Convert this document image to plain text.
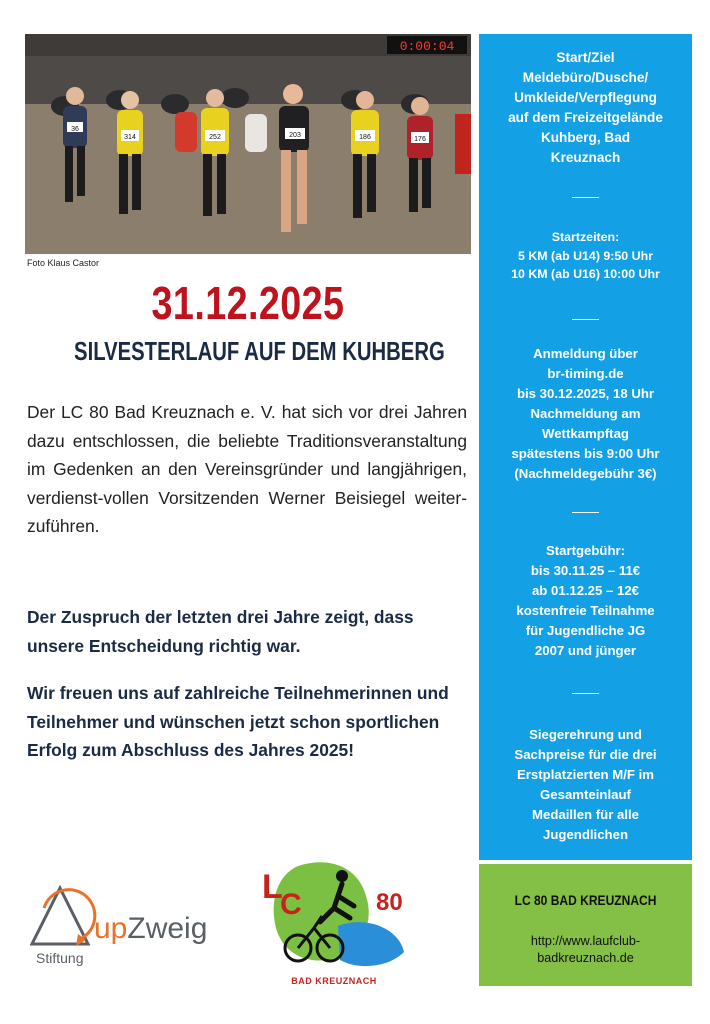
0:00:04
36
314	252	203	186	176
Foto Klaus Castor
31.12.2025
SILVESTERLAUF AUF DEM KUHBERG
Der LC 80 Bad Kreuznach e. V. hat sich vor drei Jahren dazu entschlossen, die beliebte Traditionsveranstaltung im Gedenken an den Vereinsgründer und langjährigen, verdienst-vollen Vorsitzenden Werner Beisiegel weiter-zuführen.
Der Zuspruch der letzten drei Jahre zeigt, dass unsere Entscheidung richtig war.
Wir freuen uns auf zahlreiche Teilnehmerinnen und Teilnehmer und wünschen jetzt schon sportlichen Erfolg zum Abschluss des Jahres 2025!
Start/Ziel
Meldebüro/Dusche/
Umkleide/Verpflegung
auf dem Freizeitgelände
Kuhberg, Bad
Kreuznach
Startzeiten:
5 KM (ab U14) 9:50 Uhr
10 KM (ab U16) 10:00 Uhr
Anmeldung über
br-timing.de
bis 30.12.2025, 18 Uhr
Nachmeldung am
Wettkampftag
spätestens bis 9:00 Uhr
(Nachmeldegebühr 3€)
Startgebühr:
bis 30.11.25 – 11€
ab 01.12.25 – 12€
kostenfreie Teilnahme
für Jugendliche JG
2007 und jünger
Siegerehrung und
Sachpreise für die drei
Erstplatzierten M/F im
Gesamteinlauf
Medaillen für alle
Jugendlichen
LC 80 BAD KREUZNACH
http://www.laufclub-
badkreuznach.de
upZweig
Stiftung
L
C	80
BAD KREUZNACH
